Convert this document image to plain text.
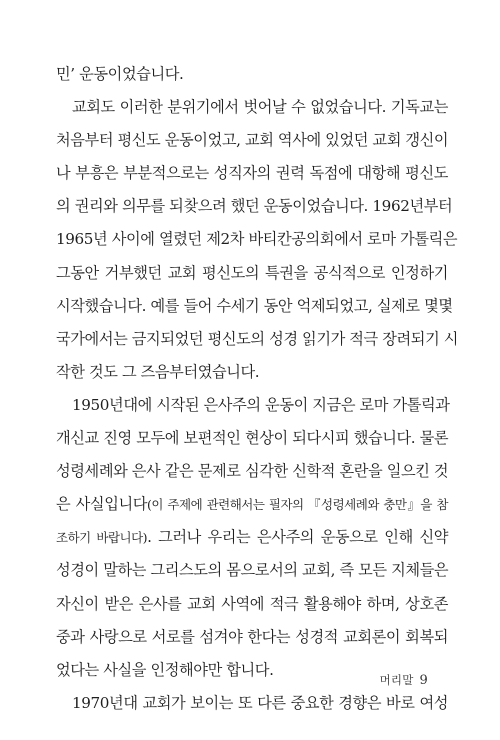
민’ 운동이었습니다.
교회도 이러한 분위기에서 벗어날 수 없었습니다. 기독교는
처음부터 평신도 운동이었고, 교회 역사에 있었던 교회 갱신이
나 부흥은 부분적으로는 성직자의 권력 독점에 대항해 평신도
의 권리와 의무를 되찾으려 했던 운동이었습니다. 1962년부터
1965년 사이에 열렸던 제2차 바티칸공의회에서 로마 가톨릭은
그동안 거부했던 교회 평신도의 특권을 공식적으로 인정하기
시작했습니다. 예를 들어 수세기 동안 억제되었고, 실제로 몇몇
국가에서는 금지되었던 평신도의 성경 읽기가 적극 장려되기 시
작한 것도 그 즈음부터였습니다.
1950년대에 시작된 은사주의 운동이 지금은 로마 가톨릭과
개신교 진영 모두에 보편적인 현상이 되다시피 했습니다. 물론
성령세례와 은사 같은 문제로 심각한 신학적 혼란을 일으킨 것
은 사실입니다(이 주제에 관련해서는 필자의 『성령세례와 충만』을 참
조하기 바랍니다). 그러나 우리는 은사주의 운동으로 인해 신약
성경이 말하는 그리스도의 몸으로서의 교회, 즉 모든 지체들은
자신이 받은 은사를 교회 사역에 적극 활용해야 하며, 상호존
중과 사랑으로 서로를 섬겨야 한다는 성경적 교회론이 회복되
었다는 사실을 인정해야만 합니다.
1970년대 교회가 보이는 또 다른 중요한 경향은 바로 여성
머리말 9
